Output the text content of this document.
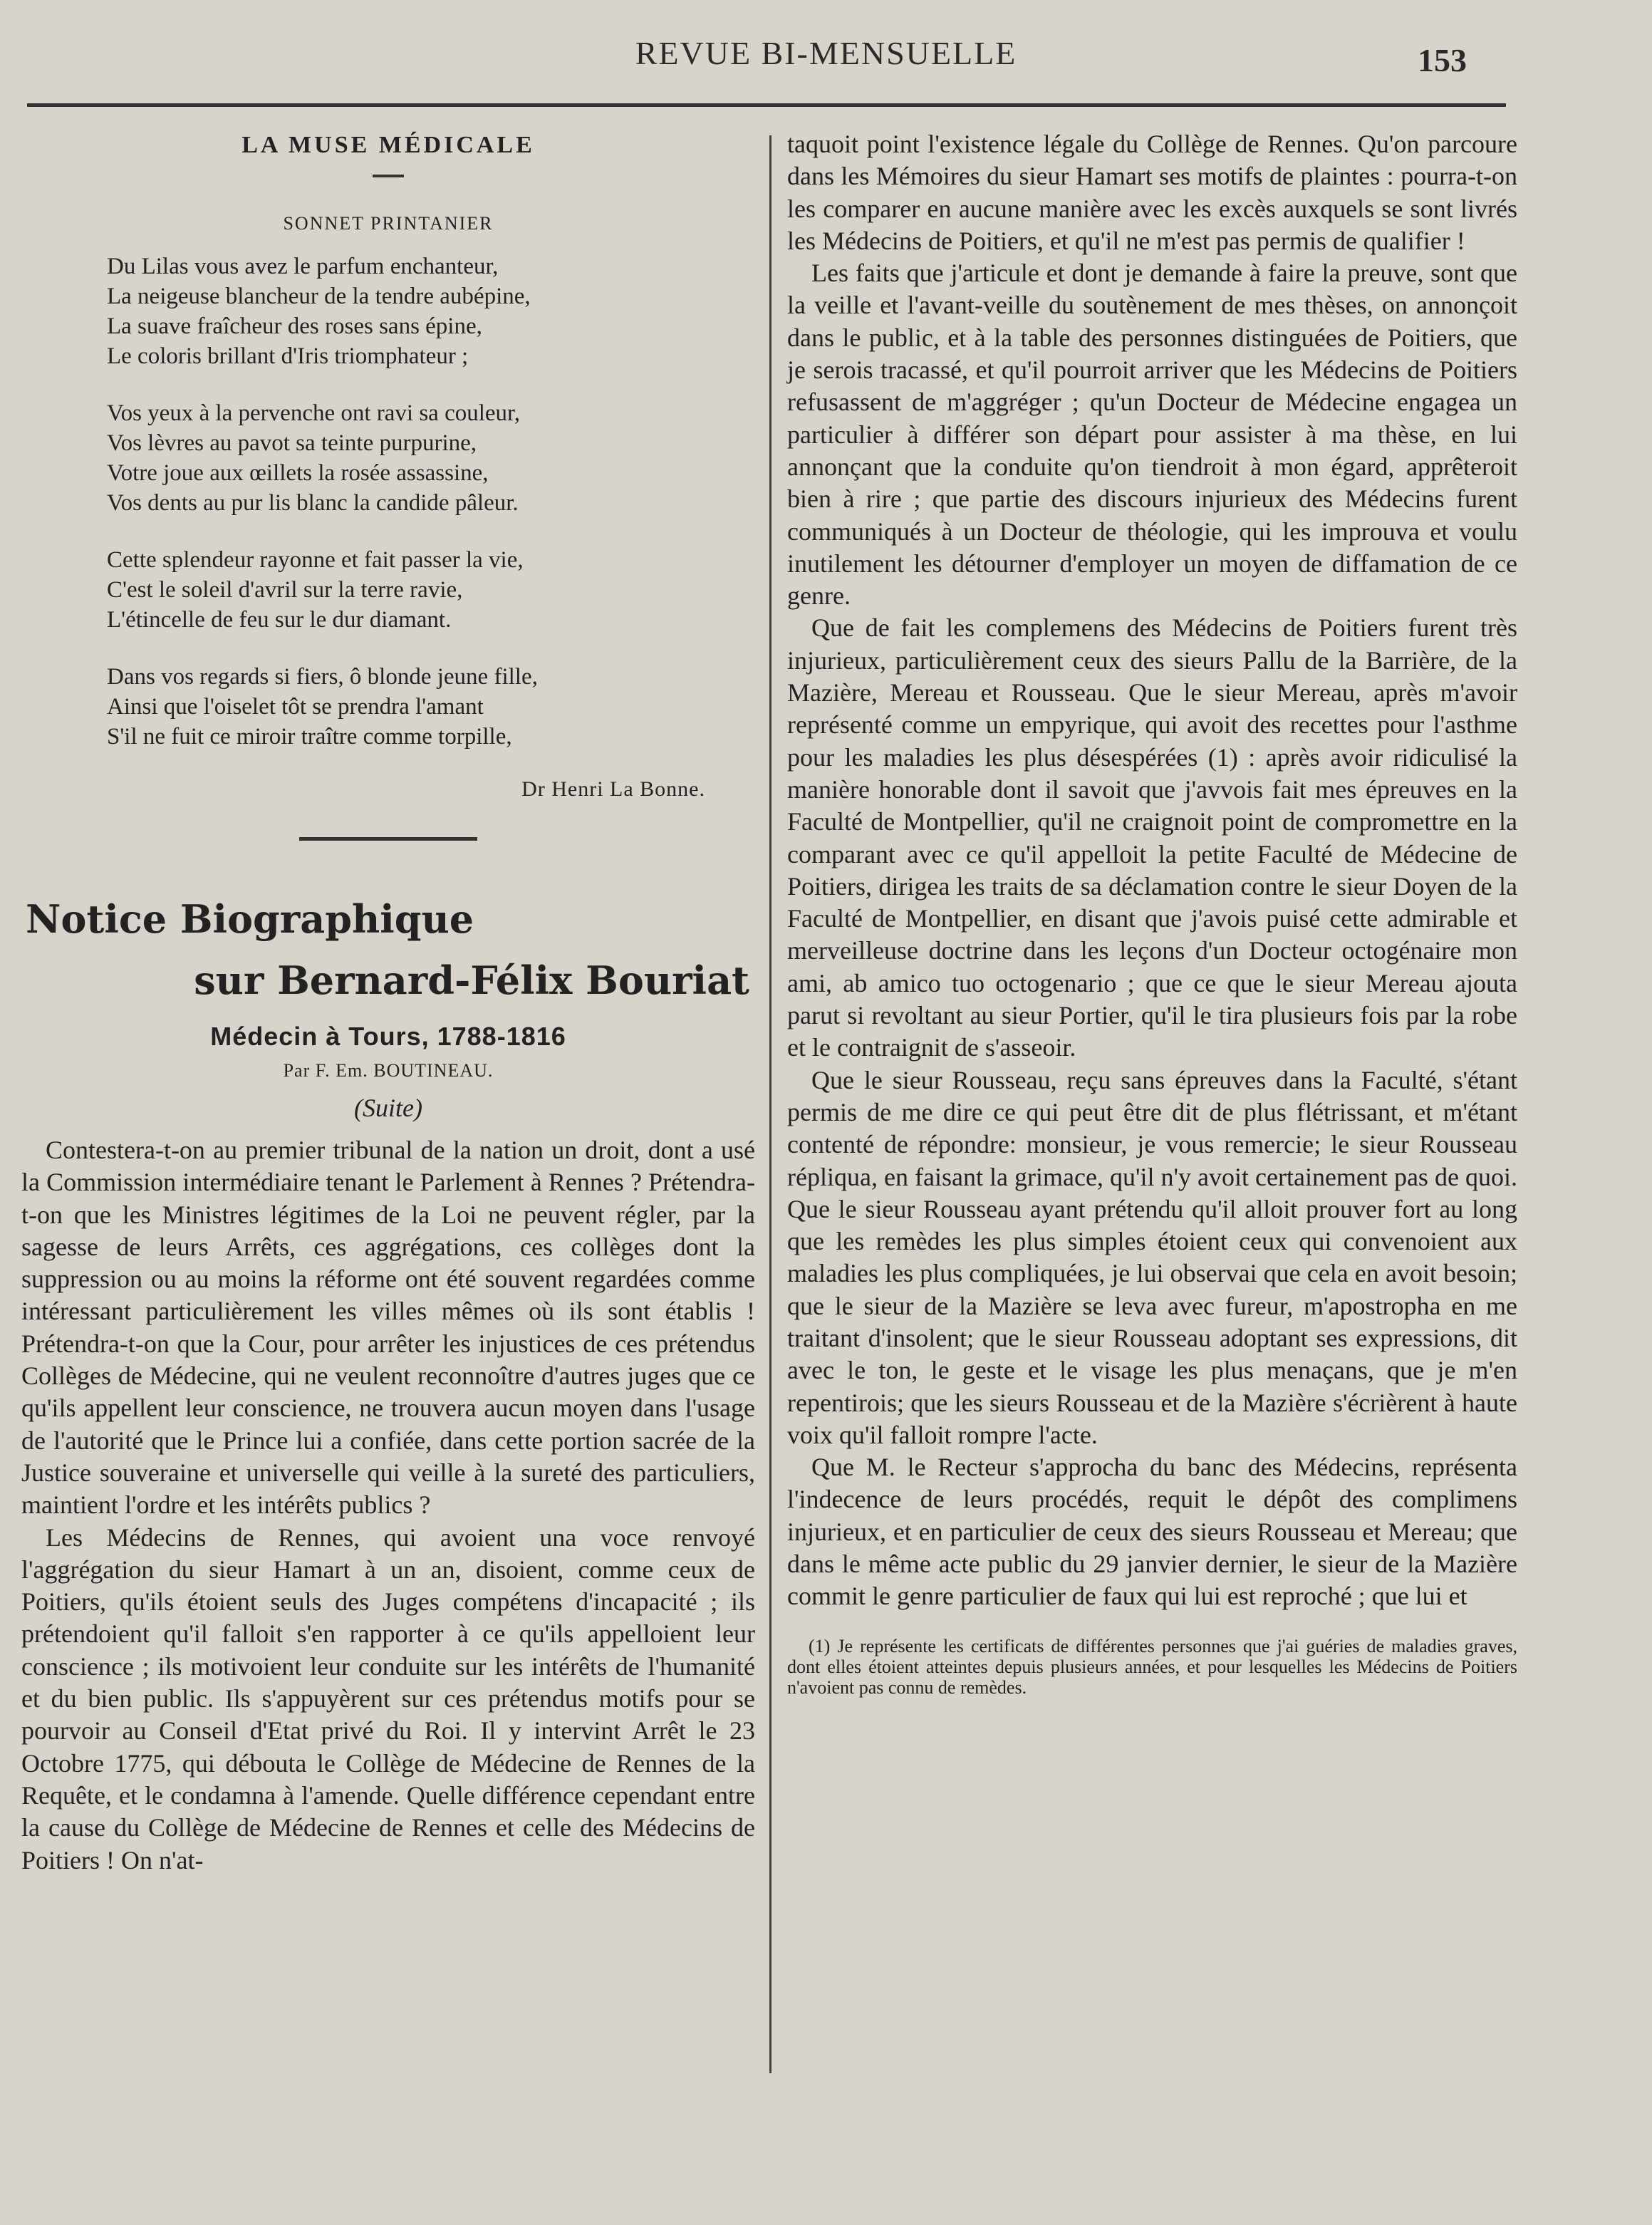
REVUE BI-MENSUELLE	153
LA MUSE MÉDICALE
SONNET PRINTANIER
Du Lilas vous avez le parfum enchanteur,
La neigeuse blancheur de la tendre aubépine,
La suave fraîcheur des roses sans épine,
Le coloris brillant d'Iris triomphateur ;
Vos yeux à la pervenche ont ravi sa couleur,
Vos lèvres au pavot sa teinte purpurine,
Votre joue aux œillets la rosée assassine,
Vos dents au pur lis blanc la candide pâleur.
Cette splendeur rayonne et fait passer la vie,
C'est le soleil d'avril sur la terre ravie,
L'étincelle de feu sur le dur diamant.
Dans vos regards si fiers, ô blonde jeune fille,
Ainsi que l'oiselet tôt se prendra l'amant
S'il ne fuit ce miroir traître comme torpille,
Dr Henri La Bonne.
Notice Biographique
sur Bernard-Félix Bouriat
Médecin à Tours, 1788-1816
Par F. Em. BOUTINEAU.
(Suite)

Contestera-t-on au premier tribunal de la nation un droit, dont a usé la Commission intermédiaire tenant le Parlement à Rennes ? Prétendra-t-on que les Ministres légitimes de la Loi ne peuvent régler, par la sagesse de leurs Arrêts, ces aggrégations, ces collèges dont la suppression ou au moins la réforme ont été souvent regardées comme intéressant particulièrement les villes mêmes où ils sont établis ! Prétendra-t-on que la Cour, pour arrêter les injustices de ces prétendus Collèges de Médecine, qui ne veulent reconnoître d'autres juges que ce qu'ils appellent leur conscience, ne trouvera aucun moyen dans l'usage de l'autorité que le Prince lui a confiée, dans cette portion sacrée de la Justice souveraine et universelle qui veille à la sureté des particuliers, maintient l'ordre et les intérêts publics ?

Les Médecins de Rennes, qui avoient una voce renvoyé l'aggrégation du sieur Hamart à un an, disoient, comme ceux de Poitiers, qu'ils étoient seuls des Juges compétens d'incapacité ; ils prétendoient qu'il falloit s'en rapporter à ce qu'ils appelloient leur conscience ; ils motivoient leur conduite sur les intérêts de l'humanité et du bien public. Ils s'appuyèrent sur ces prétendus motifs pour se pourvoir au Conseil d'Etat privé du Roi. Il y intervint Arrêt le 23 Octobre 1775, qui débouta le Collège de Médecine de Rennes de la Requête, et le condamna à l'amende. Quelle différence cependant entre la cause du Collège de Médecine de Rennes et celle des Médecins de Poitiers ! On n'at-

taquoit point l'existence légale du Collège de Rennes. Qu'on parcoure dans les Mémoires du sieur Hamart ses motifs de plaintes : pourra-t-on les comparer en aucune manière avec les excès auxquels se sont livrés les Médecins de Poitiers, et qu'il ne m'est pas permis de qualifier !

Les faits que j'articule et dont je demande à faire la preuve, sont que la veille et l'avant-veille du soutènement de mes thèses, on annonçoit dans le public, et à la table des personnes distinguées de Poitiers, que je serois tracassé, et qu'il pourroit arriver que les Médecins de Poitiers refusassent de m'aggréger ; qu'un Docteur de Médecine engagea un particulier à différer son départ pour assister à ma thèse, en lui annonçant que la conduite qu'on tiendroit à mon égard, apprêteroit bien à rire ; que partie des discours injurieux des Médecins furent communiqués à un Docteur de théologie, qui les improuva et voulu inutilement les détourner d'employer un moyen de diffamation de ce genre.

Que de fait les complemens des Médecins de Poitiers furent très injurieux, particulièrement ceux des sieurs Pallu de la Barrière, de la Mazière, Mereau et Rousseau. Que le sieur Mereau, après m'avoir représenté comme un empyrique, qui avoit des recettes pour l'asthme pour les maladies les plus désespérées (1) : après avoir ridiculisé la manière honorable dont il savoit que j'avvois fait mes épreuves en la Faculté de Montpellier, qu'il ne craignoit point de compromettre en la comparant avec ce qu'il appelloit la petite Faculté de Médecine de Poitiers, dirigea les traits de sa déclamation contre le sieur Doyen de la Faculté de Montpellier, en disant que j'avois puisé cette admirable et merveilleuse doctrine dans les leçons d'un Docteur octogénaire mon ami, ab amico tuo octogenario ; que ce que le sieur Mereau ajouta parut si revoltant au sieur Portier, qu'il le tira plusieurs fois par la robe et le contraignit de s'asseoir.

Que le sieur Rousseau, reçu sans épreuves dans la Faculté, s'étant permis de me dire ce qui peut être dit de plus flétrissant, et m'étant contenté de répondre: monsieur, je vous remercie; le sieur Rousseau répliqua, en faisant la grimace, qu'il n'y avoit certainement pas de quoi. Que le sieur Rousseau ayant prétendu qu'il alloit prouver fort au long que les remèdes les plus simples étoient ceux qui convenoient aux maladies les plus compliquées, je lui observai que cela en avoit besoin; que le sieur de la Mazière se leva avec fureur, m'apostropha en me traitant d'insolent; que le sieur Rousseau adoptant ses expressions, dit avec le ton, le geste et le visage les plus menaçans, que je m'en repentirois; que les sieurs Rousseau et de la Mazière s'écrièrent à haute voix qu'il falloit rompre l'acte.

Que M. le Recteur s'approcha du banc des Médecins, représenta l'indecence de leurs procédés, requit le dépôt des complimens injurieux, et en particulier de ceux des sieurs Rousseau et Mereau; que dans le même acte public du 29 janvier dernier, le sieur de la Mazière commit le genre particulier de faux qui lui est reproché ; que lui et

(1) Je représente les certificats de différentes personnes que j'ai guéries de maladies graves, dont elles étoient atteintes depuis plusieurs années, et pour lesquelles les Médecins de Poitiers n'avoient pas connu de remèdes.
